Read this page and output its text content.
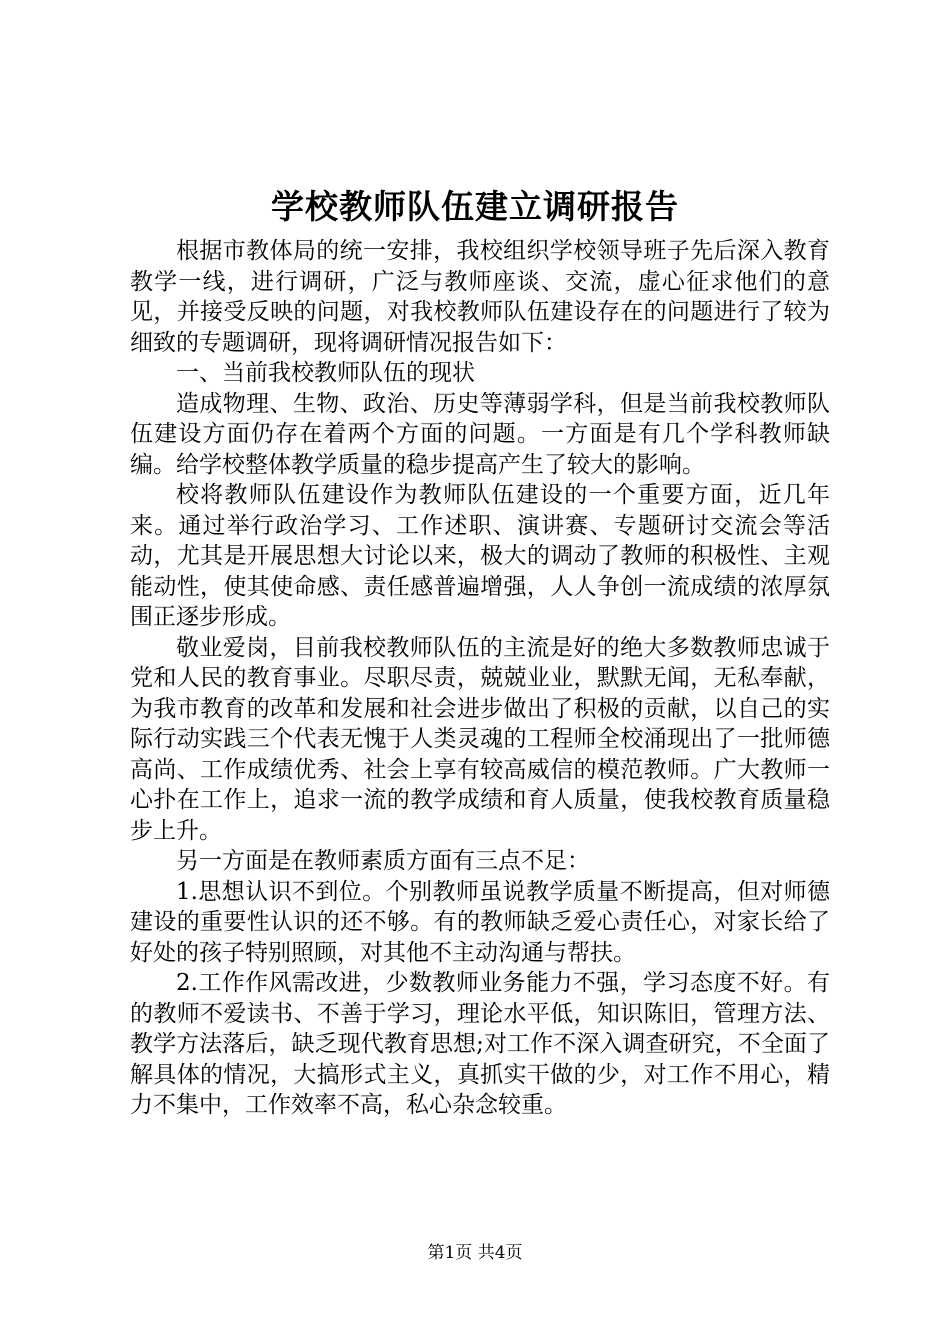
学校教师队伍建立调研报告

根据市教体局的统一安排，我校组织学校领导班子先后深入教育教学一线，进行调研，广泛与教师座谈、交流，虚心征求他们的意见，并接受反映的问题，对我校教师队伍建设存在的问题进行了较为细致的专题调研，现将调研情况报告如下：

一、当前我校教师队伍的现状

造成物理、生物、政治、历史等薄弱学科，但是当前我校教师队伍建设方面仍存在着两个方面的问题。一方面是有几个学科教师缺编。给学校整体教学质量的稳步提高产生了较大的影响。

校将教师队伍建设作为教师队伍建设的一个重要方面，近几年来。通过举行政治学习、工作述职、演讲赛、专题研讨交流会等活动，尤其是开展思想大讨论以来，极大的调动了教师的积极性、主观能动性，使其使命感、责任感普遍增强，人人争创一流成绩的浓厚氛围正逐步形成。

敬业爱岗，目前我校教师队伍的主流是好的绝大多数教师忠诚于党和人民的教育事业。尽职尽责，兢兢业业，默默无闻，无私奉献，为我市教育的改革和发展和社会进步做出了积极的贡献，以自己的实际行动实践三个代表无愧于人类灵魂的工程师全校涌现出了一批师德高尚、工作成绩优秀、社会上享有较高威信的模范教师。广大教师一心扑在工作上，追求一流的教学成绩和育人质量，使我校教育质量稳步上升。

另一方面是在教师素质方面有三点不足：

1.思想认识不到位。个别教师虽说教学质量不断提高，但对师德建设的重要性认识的还不够。有的教师缺乏爱心责任心，对家长给了好处的孩子特别照顾，对其他不主动沟通与帮扶。

2.工作作风需改进，少数教师业务能力不强，学习态度不好。有的教师不爱读书、不善于学习，理论水平低，知识陈旧，管理方法、教学方法落后，缺乏现代教育思想;对工作不深入调查研究，不全面了解具体的情况，大搞形式主义，真抓实干做的少，对工作不用心，精力不集中，工作效率不高，私心杂念较重。

第1页 共4页
